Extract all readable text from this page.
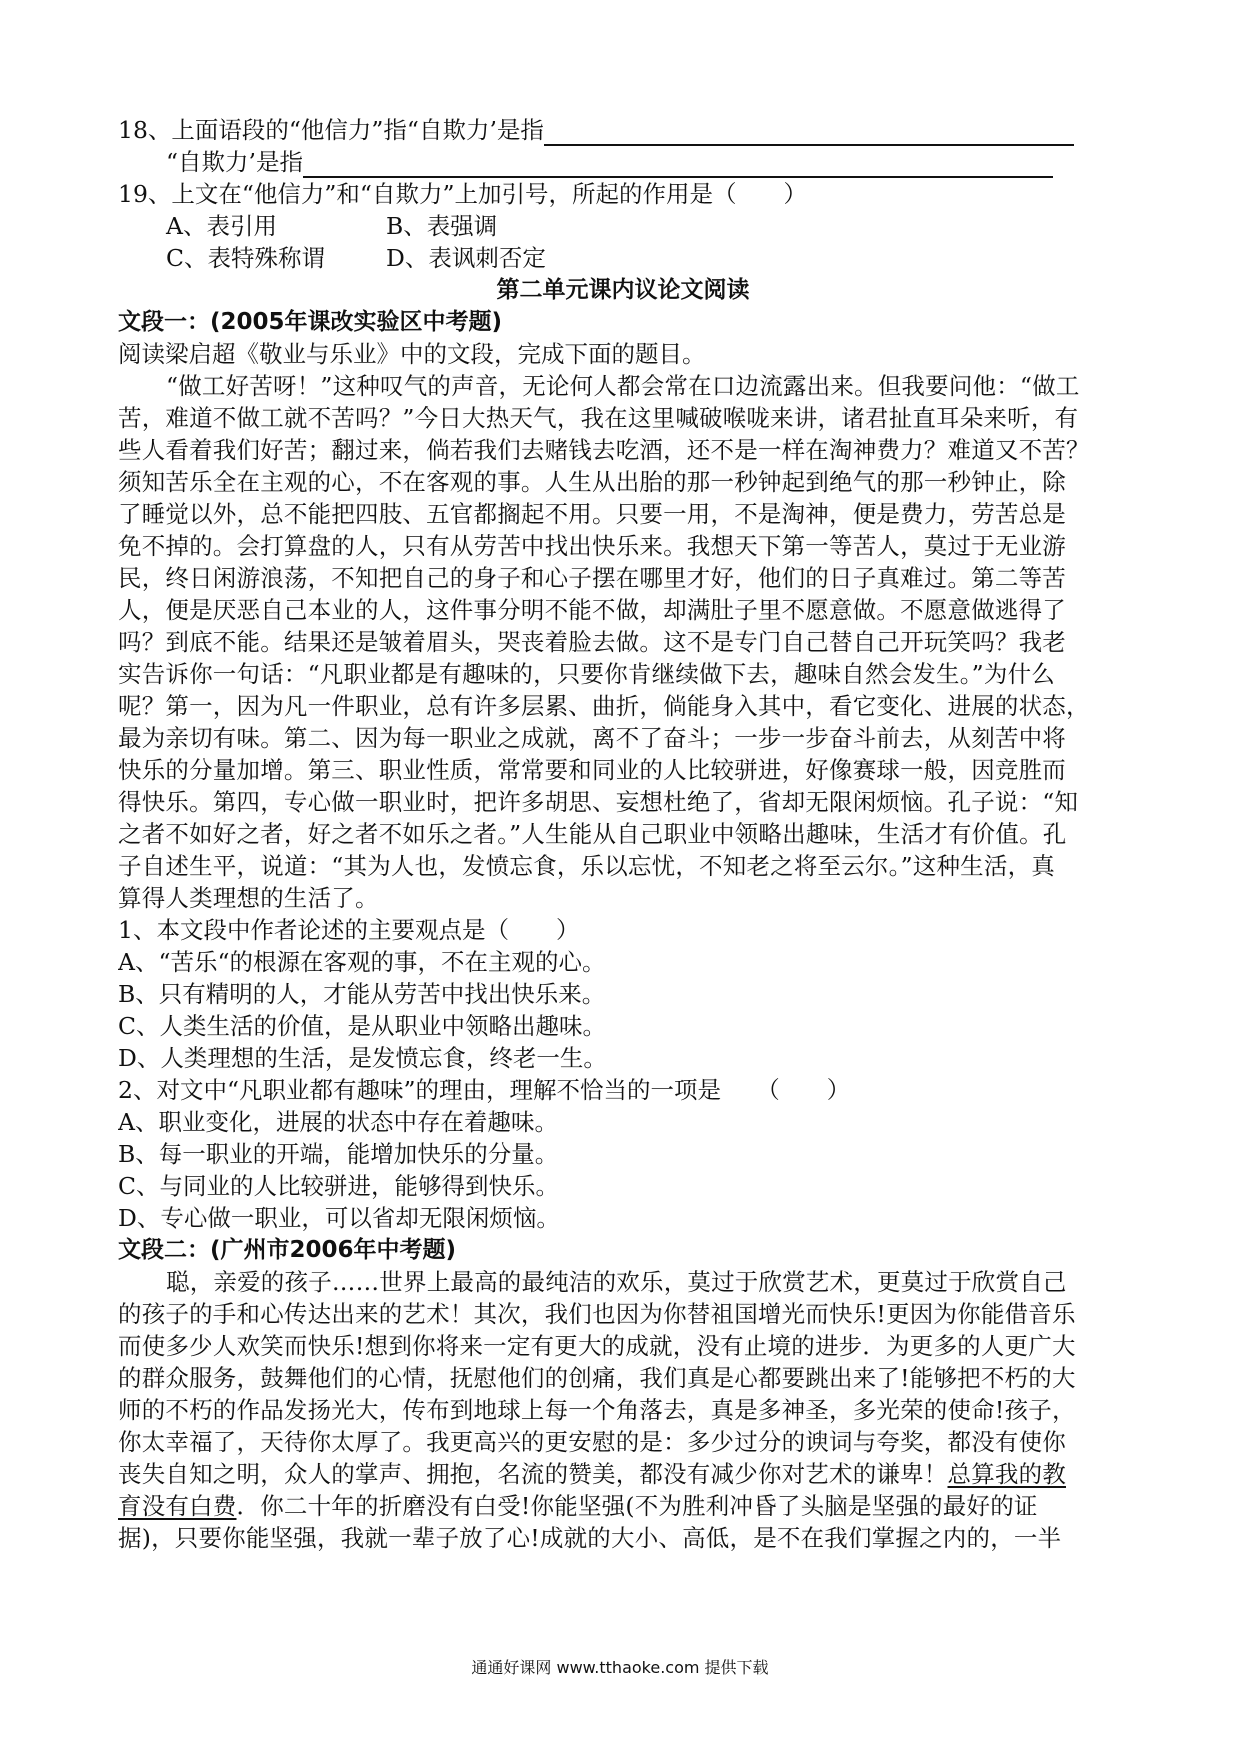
18、上面语段的“他信力”指“自欺力’是指
“自欺力’是指
19、上文在“他信力”和“自欺力”上加引号，所起的作用是（　　）
A、表引用	B、表强调
C、表特殊称谓	D、表讽刺否定
第二单元课内议论文阅读
文段一：(2005年课改实验区中考题)
阅读梁启超《敬业与乐业》中的文段，完成下面的题目。
“做工好苦呀！”这种叹气的声音，无论何人都会常在口边流露出来。但我要问他：“做工
苦，难道不做工就不苦吗？”今日大热天气，我在这里喊破喉咙来讲，诸君扯直耳朵来听，有
些人看着我们好苦；翻过来，倘若我们去赌钱去吃酒，还不是一样在淘神费力？难道又不苦？
须知苦乐全在主观的心，不在客观的事。人生从出胎的那一秒钟起到绝气的那一秒钟止，除
了睡觉以外，总不能把四肢、五官都搁起不用。只要一用，不是淘神，便是费力，劳苦总是
免不掉的。会打算盘的人，只有从劳苦中找出快乐来。我想天下第一等苦人，莫过于无业游
民，终日闲游浪荡，不知把自己的身子和心子摆在哪里才好，他们的日子真难过。第二等苦
人，便是厌恶自己本业的人，这件事分明不能不做，却满肚子里不愿意做。不愿意做逃得了
吗？到底不能。结果还是皱着眉头，哭丧着脸去做。这不是专门自己替自己开玩笑吗？我老
实告诉你一句话：“凡职业都是有趣味的，只要你肯继续做下去，趣味自然会发生。”为什么
呢？第一，因为凡一件职业，总有许多层累、曲折，倘能身入其中，看它变化、进展的状态，
最为亲切有味。第二、因为每一职业之成就，离不了奋斗；一步一步奋斗前去，从刻苦中将
快乐的分量加增。第三、职业性质，常常要和同业的人比较骈进，好像赛球一般，因竞胜而
得快乐。第四，专心做一职业时，把许多胡思、妄想杜绝了，省却无限闲烦恼。孔子说：“知
之者不如好之者，好之者不如乐之者。”人生能从自己职业中领略出趣味，生活才有价值。孔
子自述生平，说道：“其为人也，发愤忘食，乐以忘忧，不知老之将至云尔。”这种生活，真
算得人类理想的生活了。
1、本文段中作者论述的主要观点是（　　）
A、“苦乐“的根源在客观的事，不在主观的心。
B、只有精明的人，才能从劳苦中找出快乐来。
C、人类生活的价值，是从职业中领略出趣味。
D、人类理想的生活，是发愤忘食，终老一生。
2、对文中“凡职业都有趣味”的理由，理解不恰当的一项是　　（　　）
A、职业变化，进展的状态中存在着趣味。
B、每一职业的开端，能增加快乐的分量。
C、与同业的人比较骈进，能够得到快乐。
D、专心做一职业，可以省却无限闲烦恼。
文段二：(广州市2006年中考题)
聪，亲爱的孩子……世界上最高的最纯洁的欢乐，莫过于欣赏艺术，更莫过于欣赏自己
的孩子的手和心传达出来的艺术！其次，我们也因为你替祖国增光而快乐!更因为你能借音乐
而使多少人欢笑而快乐!想到你将来一定有更大的成就，没有止境的进步．为更多的人更广大
的群众服务，鼓舞他们的心情，抚慰他们的创痛，我们真是心都要跳出来了!能够把不朽的大
师的不朽的作品发扬光大，传布到地球上每一个角落去，真是多神圣，多光荣的使命!孩子，
你太幸福了，天待你太厚了。我更高兴的更安慰的是：多少过分的谀词与夸奖，都没有使你
丧失自知之明，众人的掌声、拥抱，名流的赞美，都没有减少你对艺术的谦卑！总算我的教
育没有白费．你二十年的折磨没有白受!你能坚强(不为胜利冲昏了头脑是坚强的最好的证
据)，只要你能坚强，我就一辈子放了心!成就的大小、高低，是不在我们掌握之内的，一半
通通好课网 www.tthaoke.com 提供下载
